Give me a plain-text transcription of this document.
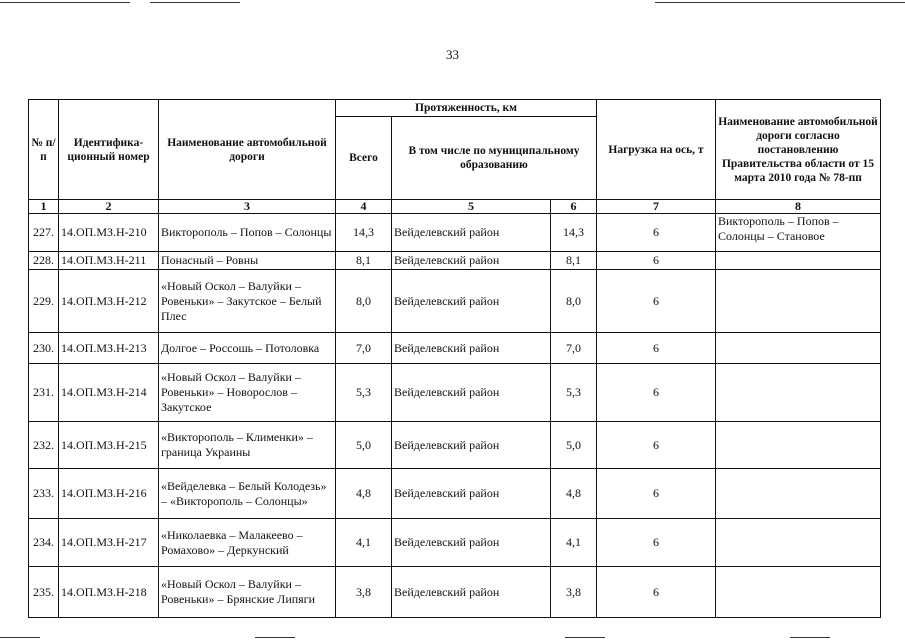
33
№ п/п	Идентифика-ционный номер	Наименование автомобильной дороги	Протяженность, км			Нагрузка на ось, т	Наименование автомобильной дороги согласно постановлению Правительства области от 15 марта 2010 года № 78-пп
			Всего	В том числе по муниципальному образованию			
1	2	3	4	5	6	7	8
227.	14.ОП.МЗ.Н-210	Викторополь – Попов – Солонцы	14,3	Вейделевский район	14,3	6	Викторополь – Попов – Солонцы – Становое
228.	14.ОП.МЗ.Н-211	Понасный – Ровны	8,1	Вейделевский район	8,1	6	
229.	14.ОП.МЗ.Н-212	«Новый Оскол – Валуйки – Ровеньки» – Закутское – Белый Плес	8,0	Вейделевский район	8,0	6	
230.	14.ОП.МЗ.Н-213	Долгое – Россошь – Потоловка	7,0	Вейделевский район	7,0	6	
231.	14.ОП.МЗ.Н-214	«Новый Оскол – Валуйки – Ровеньки» – Новорослов – Закутское	5,3	Вейделевский район	5,3	6	
232.	14.ОП.МЗ.Н-215	«Викторополь – Клименки» – граница Украины	5,0	Вейделевский район	5,0	6	
233.	14.ОП.МЗ.Н-216	«Вейделевка – Белый Колодезь» – «Викторополь – Солонцы»	4,8	Вейделевский район	4,8	6	
234.	14.ОП.МЗ.Н-217	«Николаевка – Малакеево – Ромахово» – Деркунский	4,1	Вейделевский район	4,1	6	
235.	14.ОП.МЗ.Н-218	«Новый Оскол – Валуйки – Ровеньки» – Брянские Липяги	3,8	Вейделевский район	3,8	6	
